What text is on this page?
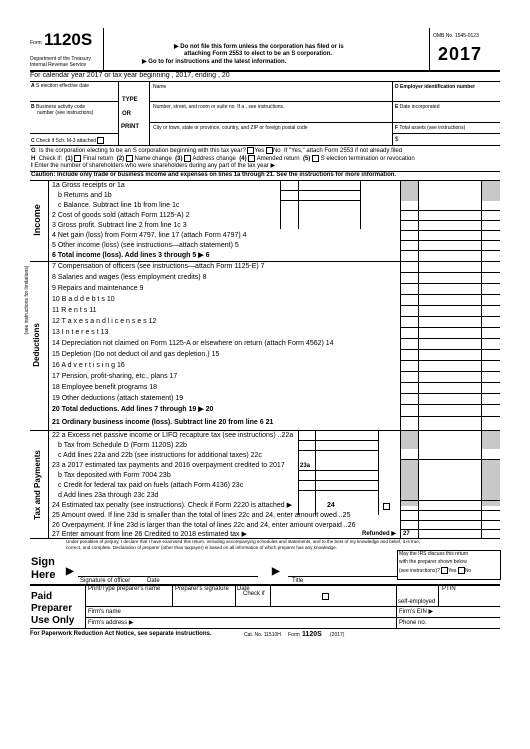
Form 1120S
Department of the Treasury
Internal Revenue Service
▶ Do not file this form unless the corporation has filed or is
attaching Form 2553 to elect to be an S corporation.
▶ Go to for instructions and the latest information.
OMB No. 1545-0123
2017
For calendar year 2017 or tax year beginning , 2017, ending , 20
A S election effective date
B Business activity code
number (see instructions)
C Check if Sch. M-3 attached
TYPE
OR
PRINT
Name
Number, street, and room or suite no. If a , see instructions.
City or town, state or province, country, and ZIP or foreign postal code
D Employer identification number
E Date incorporated
F Total assets (see instructions)
$
G Is the corporation electing to be an S corporation beginning with this tax year? Yes No If "Yes," attach Form 2553 if not already filed
H Check if: (1) Final return (2) Name change (3) Address change (4) Amended return (5) S election termination or revocation
I Enter the number of shareholders who were shareholders during any part of the tax year ▶
Caution: Include only trade or business income and expenses on lines 1a through 21. See the instructions for more information.
Income
Deductions
(see instructions for limitations)
Tax and Payments
1a Gross receipts or 1a
b Returns and 1b
c Balance. Subtract line 1b from line 1c
2 Cost of goods sold (attach Form 1125-A) 2
3 Gross profit. Subtract line 2 from line 1c 3
4 Net gain (loss) from Form 4797, line 17 (attach Form 4797) 4
5 Other income (loss) (see instructions—attach statement) 5
6 Total income (loss). Add lines 3 through 5 ▶ 6
7 Compensation of officers (see instructions—attach Form 1125-E) 7
8 Salaries and wages (less employment credits) 8
9 Repairs and maintenance 9
10 B a d d e b t s 10
11 R e n t s 11
12 T a x e s a n d l i c e n s e s 12
13 I n t e r e s t 13
14 Depreciation not claimed on Form 1125-A or elsewhere on return (attach Form 4562) 14
15 Depletion (Do not deduct oil and gas depletion.) 15
16 A d v e r t i s i n g 16
17 Pension, profit-sharing, etc., plans 17
18 Employee benefit programs 18
19 Other deductions (attach statement) 19
20 Total deductions. Add lines 7 through 19 ▶ 20
21 Ordinary business income (loss). Subtract line 20 from line 6 21
22 a Excess net passive income or LIFO recapture tax (see instructions) ..22a
b Tax from Schedule D (Form 1120S) 22b
c Add lines 22a and 22b (see instructions for additional taxes) 22c
23 a 2017 estimated tax payments and 2016 overpayment credited to 2017
b Tax deposited with Form 7004 23b
c Credit for federal tax paid on fuels (attach Form 4136) 23c
d Add lines 23a through 23c 23d
24 Estimated tax penalty (see instructions). Check if Form 2220 is attached ▶
25 Amount owed. If line 23d is smaller than the total of lines 22c and 24, enter amount owed ..25
26 Overpayment. If line 23d is larger than the total of lines 22c and 24, enter amount overpaid ..26
27 Enter amount from line 26 Credited to 2018 estimated tax ▶
23a
24
Refunded ▶ 27
Under penalties of perjury, I declare that I have examined this return, including accompanying schedules and statements, and to the best of my knowledge and belief, it is true,
correct, and complete. Declaration of preparer (other than taxpayer) is based on all information of which preparer has any knowledge.
Sign
Here ▶	▶
Signature of officer	Date	Title
May the IRS discuss this return
with the preparer shown below
(see instructions)? Yes No
Paid
Preparer
Use Only
Print/Type preparer's name Preparer's signature Date
Check if
self-employed
PTIN
Firm's name	Firm's EIN ▶
Firm's address ▶	Phone no.
For Paperwork Reduction Act Notice, see separate instructions.	Cat. No. 11510H Form 1120S (2017)
